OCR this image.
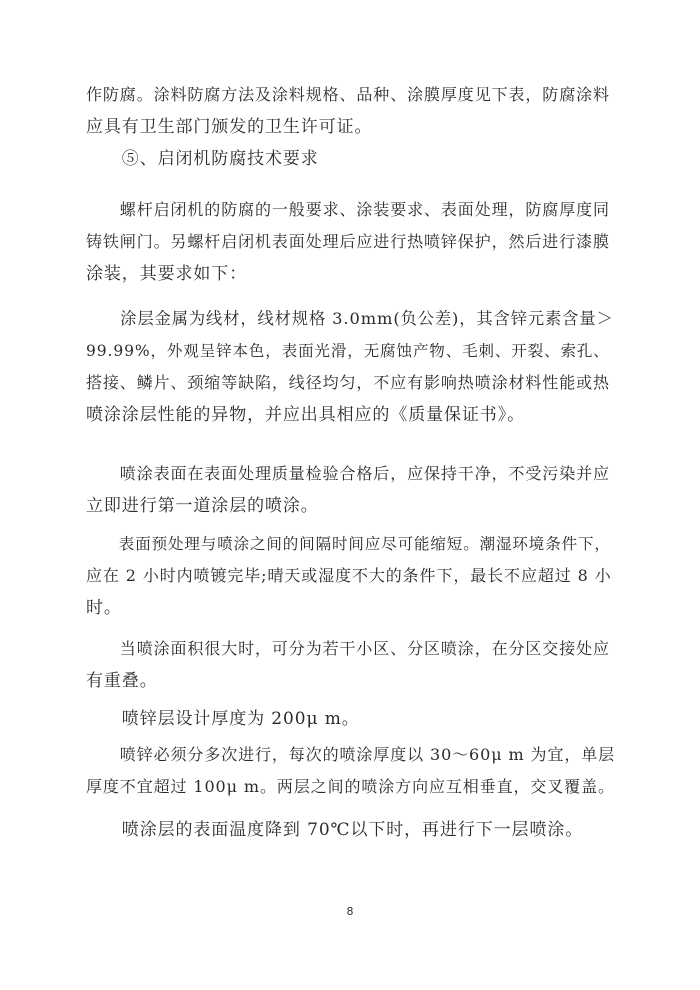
作防腐。涂料防腐方法及涂料规格、品种、涂膜厚度见下表，防腐涂料
应具有卫生部门颁发的卫生许可证。
　　⑤、启闭机防腐技术要求
　　螺杆启闭机的防腐的一般要求、涂装要求、表面处理，防腐厚度同
铸铁闸门。另螺杆启闭机表面处理后应进行热喷锌保护，然后进行漆膜
涂装，其要求如下：
　　涂层金属为线材，线材规格 3.0mm(负公差)，其含锌元素含量＞
99.99%，外观呈锌本色，表面光滑，无腐蚀产物、毛刺、开裂、索孔、
搭接、鳞片、颈缩等缺陷，线径均匀，不应有影响热喷涂材料性能或热
喷涂涂层性能的异物，并应出具相应的《质量保证书》。
　　喷涂表面在表面处理质量检验合格后，应保持干净，不受污染并应
立即进行第一道涂层的喷涂。
　　表面预处理与喷涂之间的间隔时间应尽可能缩短。潮湿环境条件下，
应在 2 小时内喷镀完毕;晴天或湿度不大的条件下，最长不应超过 8 小
时。
　　当喷涂面积很大时，可分为若干小区、分区喷涂，在分区交接处应
有重叠。
　　喷锌层设计厚度为 200μ m。
　　喷锌必须分多次进行，每次的喷涂厚度以 30～60μ m 为宜，单层
厚度不宜超过 100μ m。两层之间的喷涂方向应互相垂直，交叉覆盖。
　　喷涂层的表面温度降到 70℃以下时，再进行下一层喷涂。
8
